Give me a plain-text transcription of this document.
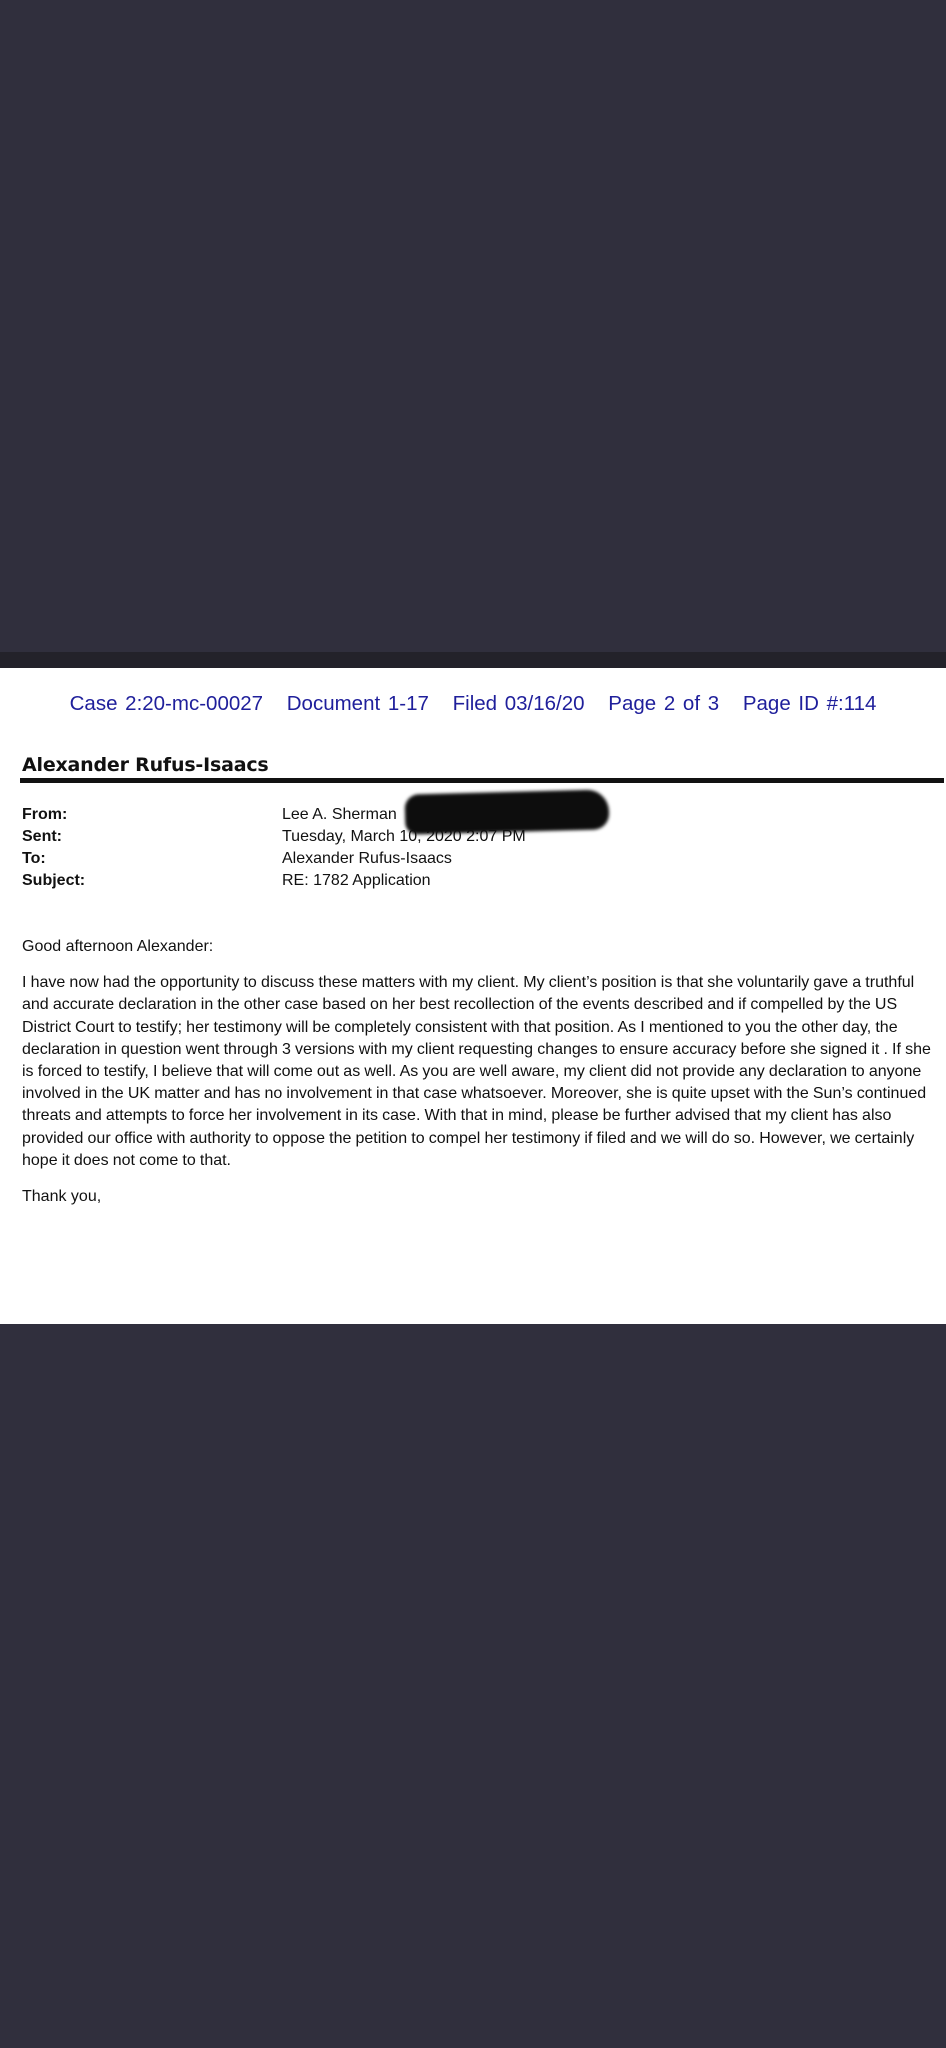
Case 2:20-mc-00027 Document 1-17 Filed 03/16/20 Page 2 of 3 Page ID #:114
Alexander Rufus-Isaacs
From:	Lee A. Sherman
Sent:	Tuesday, March 10, 2020 2:07 PM
To:	Alexander Rufus-Isaacs
Subject:	RE: 1782 Application

Good afternoon Alexander:

I have now had the opportunity to discuss these matters with my client. My client’s position is that she voluntarily gave a truthful and accurate declaration in the other case based on her best recollection of the events described and if compelled by the US District Court to testify; her testimony will be completely consistent with that position. As I mentioned to you the other day, the declaration in question went through 3 versions with my client requesting changes to ensure accuracy before she signed it . If she is forced to testify, I believe that will come out as well. As you are well aware, my client did not provide any declaration to anyone involved in the UK matter and has no involvement in that case whatsoever. Moreover, she is quite upset with the Sun’s continued threats and attempts to force her involvement in its case. With that in mind, please be further advised that my client has also provided our office with authority to oppose the petition to compel her testimony if filed and we will do so. However, we certainly hope it does not come to that.

Thank you,
